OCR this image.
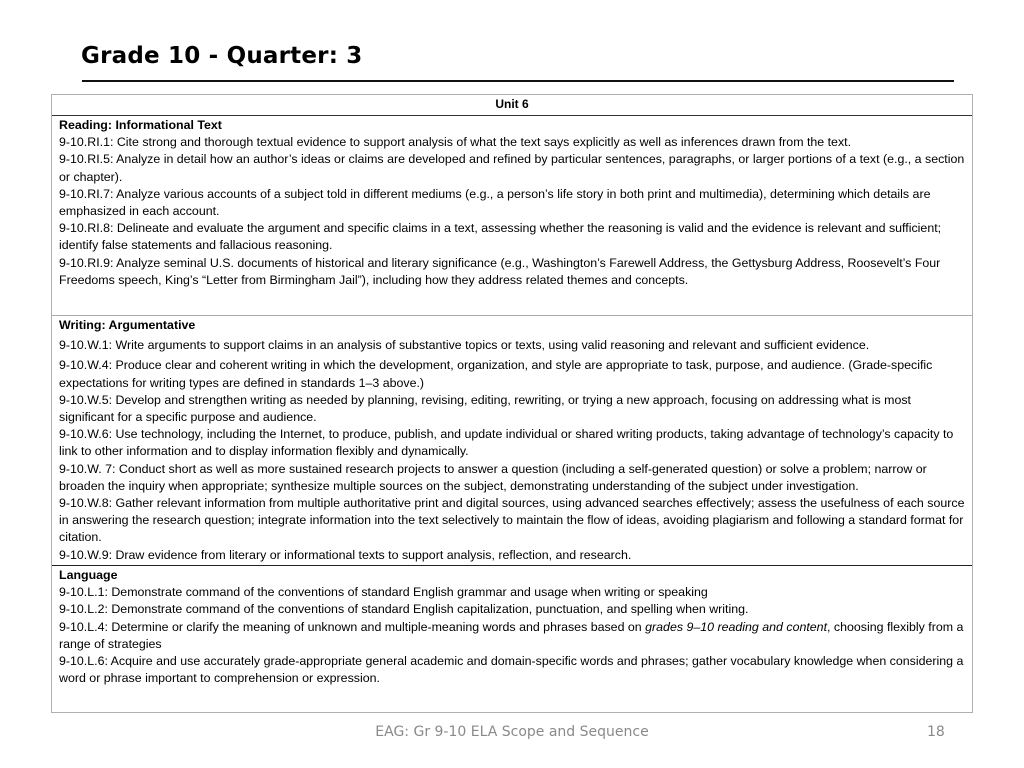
Grade 10 - Quarter: 3
Unit 6
Reading: Informational Text

9-10.RI.1: Cite strong and thorough textual evidence to support analysis of what the text says explicitly as well as inferences drawn from the text.

9-10.RI.5: Analyze in detail how an author’s ideas or claims are developed and refined by particular sentences, paragraphs, or larger portions of a text (e.g., a section or chapter).

9-10.RI.7: Analyze various accounts of a subject told in different mediums (e.g., a person’s life story in both print and multimedia), determining which details are emphasized in each account.

9-10.RI.8: Delineate and evaluate the argument and specific claims in a text, assessing whether the reasoning is valid and the evidence is relevant and sufficient; identify false statements and fallacious reasoning.

9-10.RI.9: Analyze seminal U.S. documents of historical and literary significance (e.g., Washington’s Farewell Address, the Gettysburg Address, Roosevelt’s Four Freedoms speech, King’s “Letter from Birmingham Jail”), including how they address related themes and concepts.

Writing: Argumentative

9-10.W.1: Write arguments to support claims in an analysis of substantive topics or texts, using valid reasoning and relevant and sufficient evidence.

9-10.W.4: Produce clear and coherent writing in which the development, organization, and style are appropriate to task, purpose, and audience. (Grade-specific expectations for writing types are defined in standards 1–3 above.)

9-10.W.5: Develop and strengthen writing as needed by planning, revising, editing, rewriting, or trying a new approach, focusing on addressing what is most significant for a specific purpose and audience.

9-10.W.6: Use technology, including the Internet, to produce, publish, and update individual or shared writing products, taking advantage of technology’s capacity to link to other information and to display information flexibly and dynamically.

9-10.W. 7: Conduct short as well as more sustained research projects to answer a question (including a self-generated question) or solve a problem; narrow or broaden the inquiry when appropriate; synthesize multiple sources on the subject, demonstrating understanding of the subject under investigation.

9-10.W.8: Gather relevant information from multiple authoritative print and digital sources, using advanced searches effectively; assess the usefulness of each source in answering the research question; integrate information into the text selectively to maintain the flow of ideas, avoiding plagiarism and following a standard format for citation.

9-10.W.9: Draw evidence from literary or informational texts to support analysis, reflection, and research.

Language

9-10.L.1: Demonstrate command of the conventions of standard English grammar and usage when writing or speaking

9-10.L.2: Demonstrate command of the conventions of standard English capitalization, punctuation, and spelling when writing.

9-10.L.4: Determine or clarify the meaning of unknown and multiple-meaning words and phrases based on grades 9–10 reading and content, choosing flexibly from a range of strategies

9-10.L.6: Acquire and use accurately grade-appropriate general academic and domain-specific words and phrases; gather vocabulary knowledge when considering a word or phrase important to comprehension or expression.

EAG: Gr 9-10 ELA Scope and Sequence	18
